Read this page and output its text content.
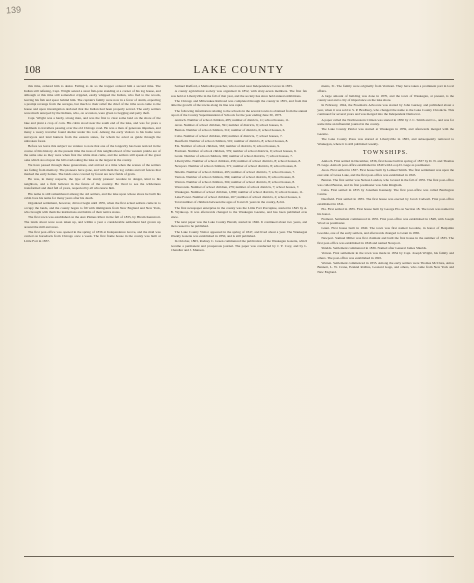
139
108	LAKE COUNTY

this time, ordered him to desist. Failing to do so the trapper ordered him a second time. The Indian still refusing, Capt. Wright seized a stout fish-pole standing at a corner of his log house, and although at this time still somewhat crippled, easily whipped the Indian, who fled to the woods, leaving his fish and spear behind him. The captain's family were now in a fever of alarm, expecting a prompt revenge from the savages, but much to their relief the chief of the tribe soon came to the house and upon investigation declared that the Indian had been properly served. The early settlers were much annoyed by the Indians, who, on occasion, were given to begging and petty theft.

Capt. Wright was a hardy, strong man, and was the first to clear some land on the shore of the lake and plant a crop of corn. His cabin stood near the south end of the lake, and was for years a landmark to travellers passing over the old Chicago road. He was a man of generous impulses, and many a weary traveller found shelter under his roof. Among the early visitors to his home were surveyors and land hunters from the eastern states, for whom he acted as guide through the unbroken forest.

Before we leave this subject we venture to note that one of the longevity has been noticed in the course of this history. At the present time the trees of this neighborhood of the western prairie are of the same size as they were when first the white man came, and the settlers still speak of the great oaks which stood upon the hill overlooking the lake as the largest in the county.

We have passed through these generations, and arrived at a time when the scenes of the settlers are fading from memory. The pioneers have gone, and with them the log cabins and rail fences that marked the early homes. The lands once covered by forest are now fields of grain.

He was, in many respects, the type of the sturdy pioneer: resolute in danger, kind to his neighbors, and a firm believer in the future of the country. He lived to see the wilderness transformed and died full of years, respected by all who knew him.

His name is still remembered among the old settlers, and the lake upon whose shore he built his cabin bore his name for many years after his death.

Organized settlement, however, did not begin until 1835, when the first actual settlers came in to occupy the lands, and the county began to fill with immigrants from New England and New York, who brought with them the institutions and habits of their native states.

The first town was established on the Aux Plaines River in the fall of 1835, by Hiram Kennicott. The lands about were soon taken up, and within a year a considerable settlement had grown up around the mill and store.

The first post-office was opened in the spring of 1836 at Independence Grove, and the mail was carried on horseback from Chicago once a week. The first frame house in the county was built at Little Fort in 1837.

Samuel Radford, a Methodist preacher, who located near Independence Grove in 1835.

A county agricultural society was organized in 1852, with sixty-seven members. The first fair was held at Libertyville in the fall of that year, and the society has since held annual exhibitions.

The Chicago and Milwaukee Railroad was completed through the county in 1855, and from that time the growth of the towns along its line was rapid.

The following information relating to the schools in the several towns is obtained from the annual report of the County Superintendent of Schools for the year ending June 30, 1873.

Antioch. Number of school children, 485; number of districts, 11; school houses, 11.

Avon. Number of school children, 391; number of districts, 9; school houses, 9.

Benton. Number of school children, 312; number of districts, 6; school houses, 6.

Cuba. Number of school children, 299; number of districts, 7; school houses, 7.

Deerfield. Number of school children, 501; number of districts, 8; school houses, 8.

Ela. Number of school children, 363; number of districts, 9; school houses, 9.

Fremont. Number of school children, 379; number of school districts, 9; school houses, 9.

Grant. Number of school children, 300; number of school districts, 7; school houses, 7.

Libertyville. Number of school children, 456; number of school districts, 8; school houses, 8.

Newport. Number of school children, 371; number of school districts, 8; school houses, 8.

Shields. Number of school children, 495; number of school districts, 7; school houses, 7.

Vernon. Number of school children, 384; number of school districts, 8; school houses, 8.

Warren. Number of school children, 304; number of school districts, 8; school houses, 8.

Wauconda. Number of school children, 279; number of school districts, 7; school houses, 7.

Waukegan. Number of school children, 1,890; number of school districts, 9; school houses, 11.

Lake Forest. Number of school children, 267; number of school districts, 2; school houses, 2.

Total number of children between the ages of 6 and 21 years in the county, 8,241.

The first newspaper enterprise in the county was the Little Fort Porcupine, started in 1845 by A. B. Wynkoop. It was afterwards changed to the Waukegan Gazette, and has been published ever since.

The next paper was the Lake County Herald, started in 1846. It continued about two years, and then ceased to be published.

The Lake County Visitor appeared in the spring of 1847, and lived about a year. The Waukegan Weekly Gazette was established in 1850, and is still published.

In October, 1863, Rodney C. Green commenced the publication of the Waukegan Gazette, which became a permanent and prosperous journal. The paper was conducted by J. Y. Cory, and by L. Chandler and J. Munson.

ments, 31. The family were originally from Vermont. They have taken a prominent part in local affairs.

A large amount of building was done in 1870, and the town of Waukegan, at present, is the county seat and a city of importance on the lake shore.

In February, 1844, the Freeman's Advocate was started by John Gurney, and published about a year, when it was sold to S. P. Bradbury, who changed the name to the Lake County Chronicle. This continued for several years and was merged into the Independent Democrat.

A paper called the Northwestern Citizen was started in 1850 by J. C. Smith and Co., and was for some time an influential journal in the county.

The Lake County Patriot was started at Waukegan in 1859, and afterwards merged with the Gazette.

The Lake County Press was started at Libertyville in 1863, and subsequently removed to Waukegan, where it is still published weekly.

TOWNSHIPS.

Antioch. First settled in December, 1836, first house built in spring of 1837 by D. N. and Thomas H. Gage. Antioch post-office established in 1849 with Loop D. Gage as postmaster.

Avon. First settled in 1837. First house built by Lemuel Smith. The first settlement was upon the east side of Grass Lake, and the first post-office was established in 1845.

Benton. The first settler was Nelson Landon, who located in the fall of 1835. The first post-office was called Benton, and its first postmaster was John Ringham.

Cuba. First settled in 1835 by Jonathan Kennedy. The first post-office was called Barrington Centre.

Deerfield. First settled in 1835. The first house was erected by Jacob Cadwell. First post-office established in 1841.

Ela. First settled in 1835. First house built by George Ela on Section 18. The town was named in his honor.

Fremont. Settlement commenced in 1835. First post-office was established in 1848, with Joseph Wood as postmaster.

Grant. First house built in 1840. The town was first named Goodale, in honor of Benjamin Goodale, one of the early settlers, and afterwards changed to Grant in 1865.

Newport. Samuel Miller was first claimant and built the first house in the summer of 1835. The first post-office was established in 1846 and named Newport.

Shields. Settlement commenced in 1836. Named after General James Shields.

Vernon. First settlement in the town was made in 1834 by Capt. Joseph Wright, his family and others. The post-office was established in 1845.

Warren. Settlement commenced in 1835. Among the early settlers were Thomas McClure, Amos Bennett, L. W. Crane, Ezekiel Rollins, Leonard Gage, and others, who came from New York and New England.
